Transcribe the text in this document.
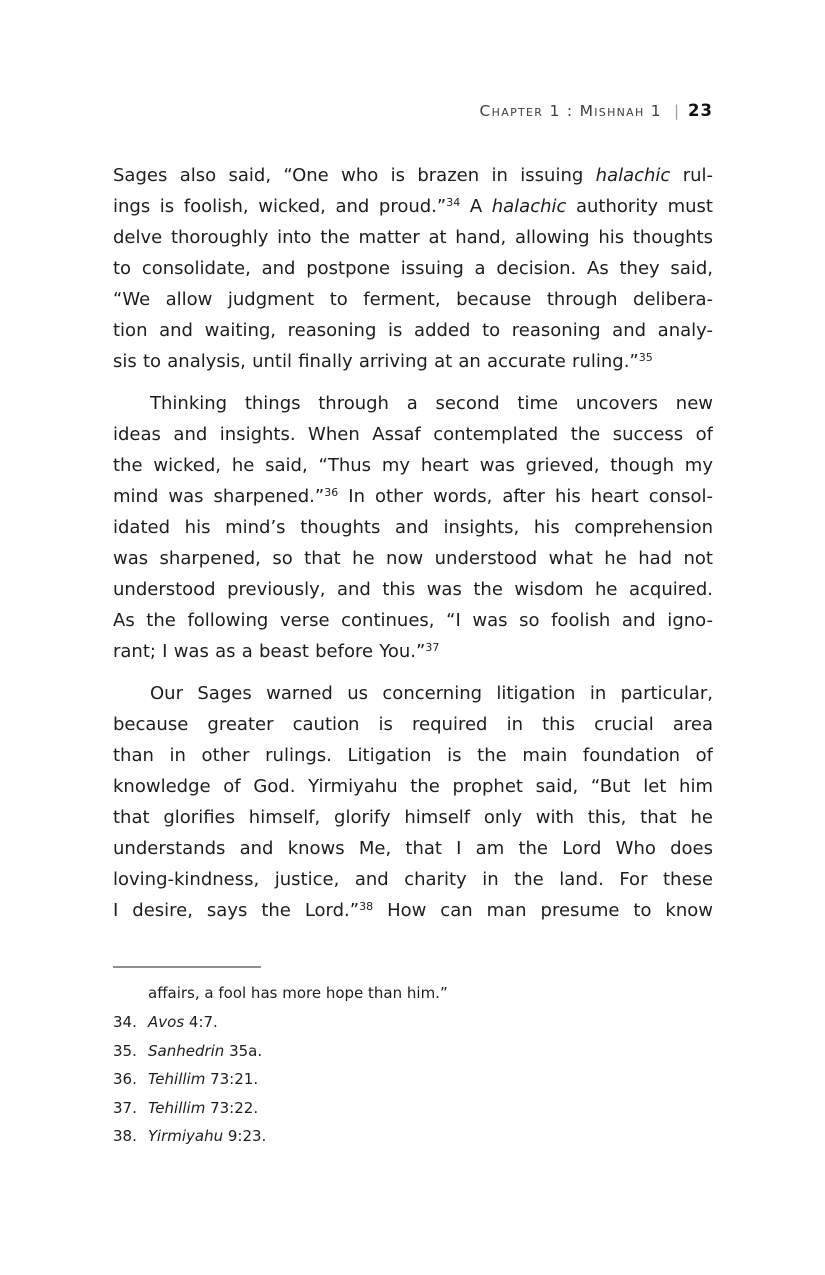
Chapter 1 : Mishnah 1 | 23

Sages also said, “One who is brazen in issuing halachic rul-
ings is foolish, wicked, and proud.”$^{34}$ A halachic authority must
delve thoroughly into the matter at hand, allowing his thoughts
to consolidate, and postpone issuing a decision. As they said,
“We allow judgment to ferment, because through delibera-
tion and waiting, reasoning is added to reasoning and analy-
sis to analysis, until finally arriving at an accurate ruling.”$^{35}$

Thinking things through a second time uncovers new
ideas and insights. When Assaf contemplated the success of
the wicked, he said, “Thus my heart was grieved, though my
mind was sharpened.”$^{36}$ In other words, after his heart consol-
idated his mind’s thoughts and insights, his comprehension
was sharpened, so that he now understood what he had not
understood previously, and this was the wisdom he acquired.
As the following verse continues, “I was so foolish and igno-
rant; I was as a beast before You.”$^{37}$

Our Sages warned us concerning litigation in particular,
because greater caution is required in this crucial area
than in other rulings. Litigation is the main foundation of
knowledge of God. Yirmiyahu the prophet said, “But let him
that glorifies himself, glorify himself only with this, that he
understands and knows Me, that I am the Lord Who does
loving-kindness, justice, and charity in the land. For these
I desire, says the Lord.”$^{38}$ How can man presume to know

affairs, a fool has more hope than him.”
34. Avos 4:7.
35. Sanhedrin 35a.
36. Tehillim 73:21.
37. Tehillim 73:22.
38. Yirmiyahu 9:23.
